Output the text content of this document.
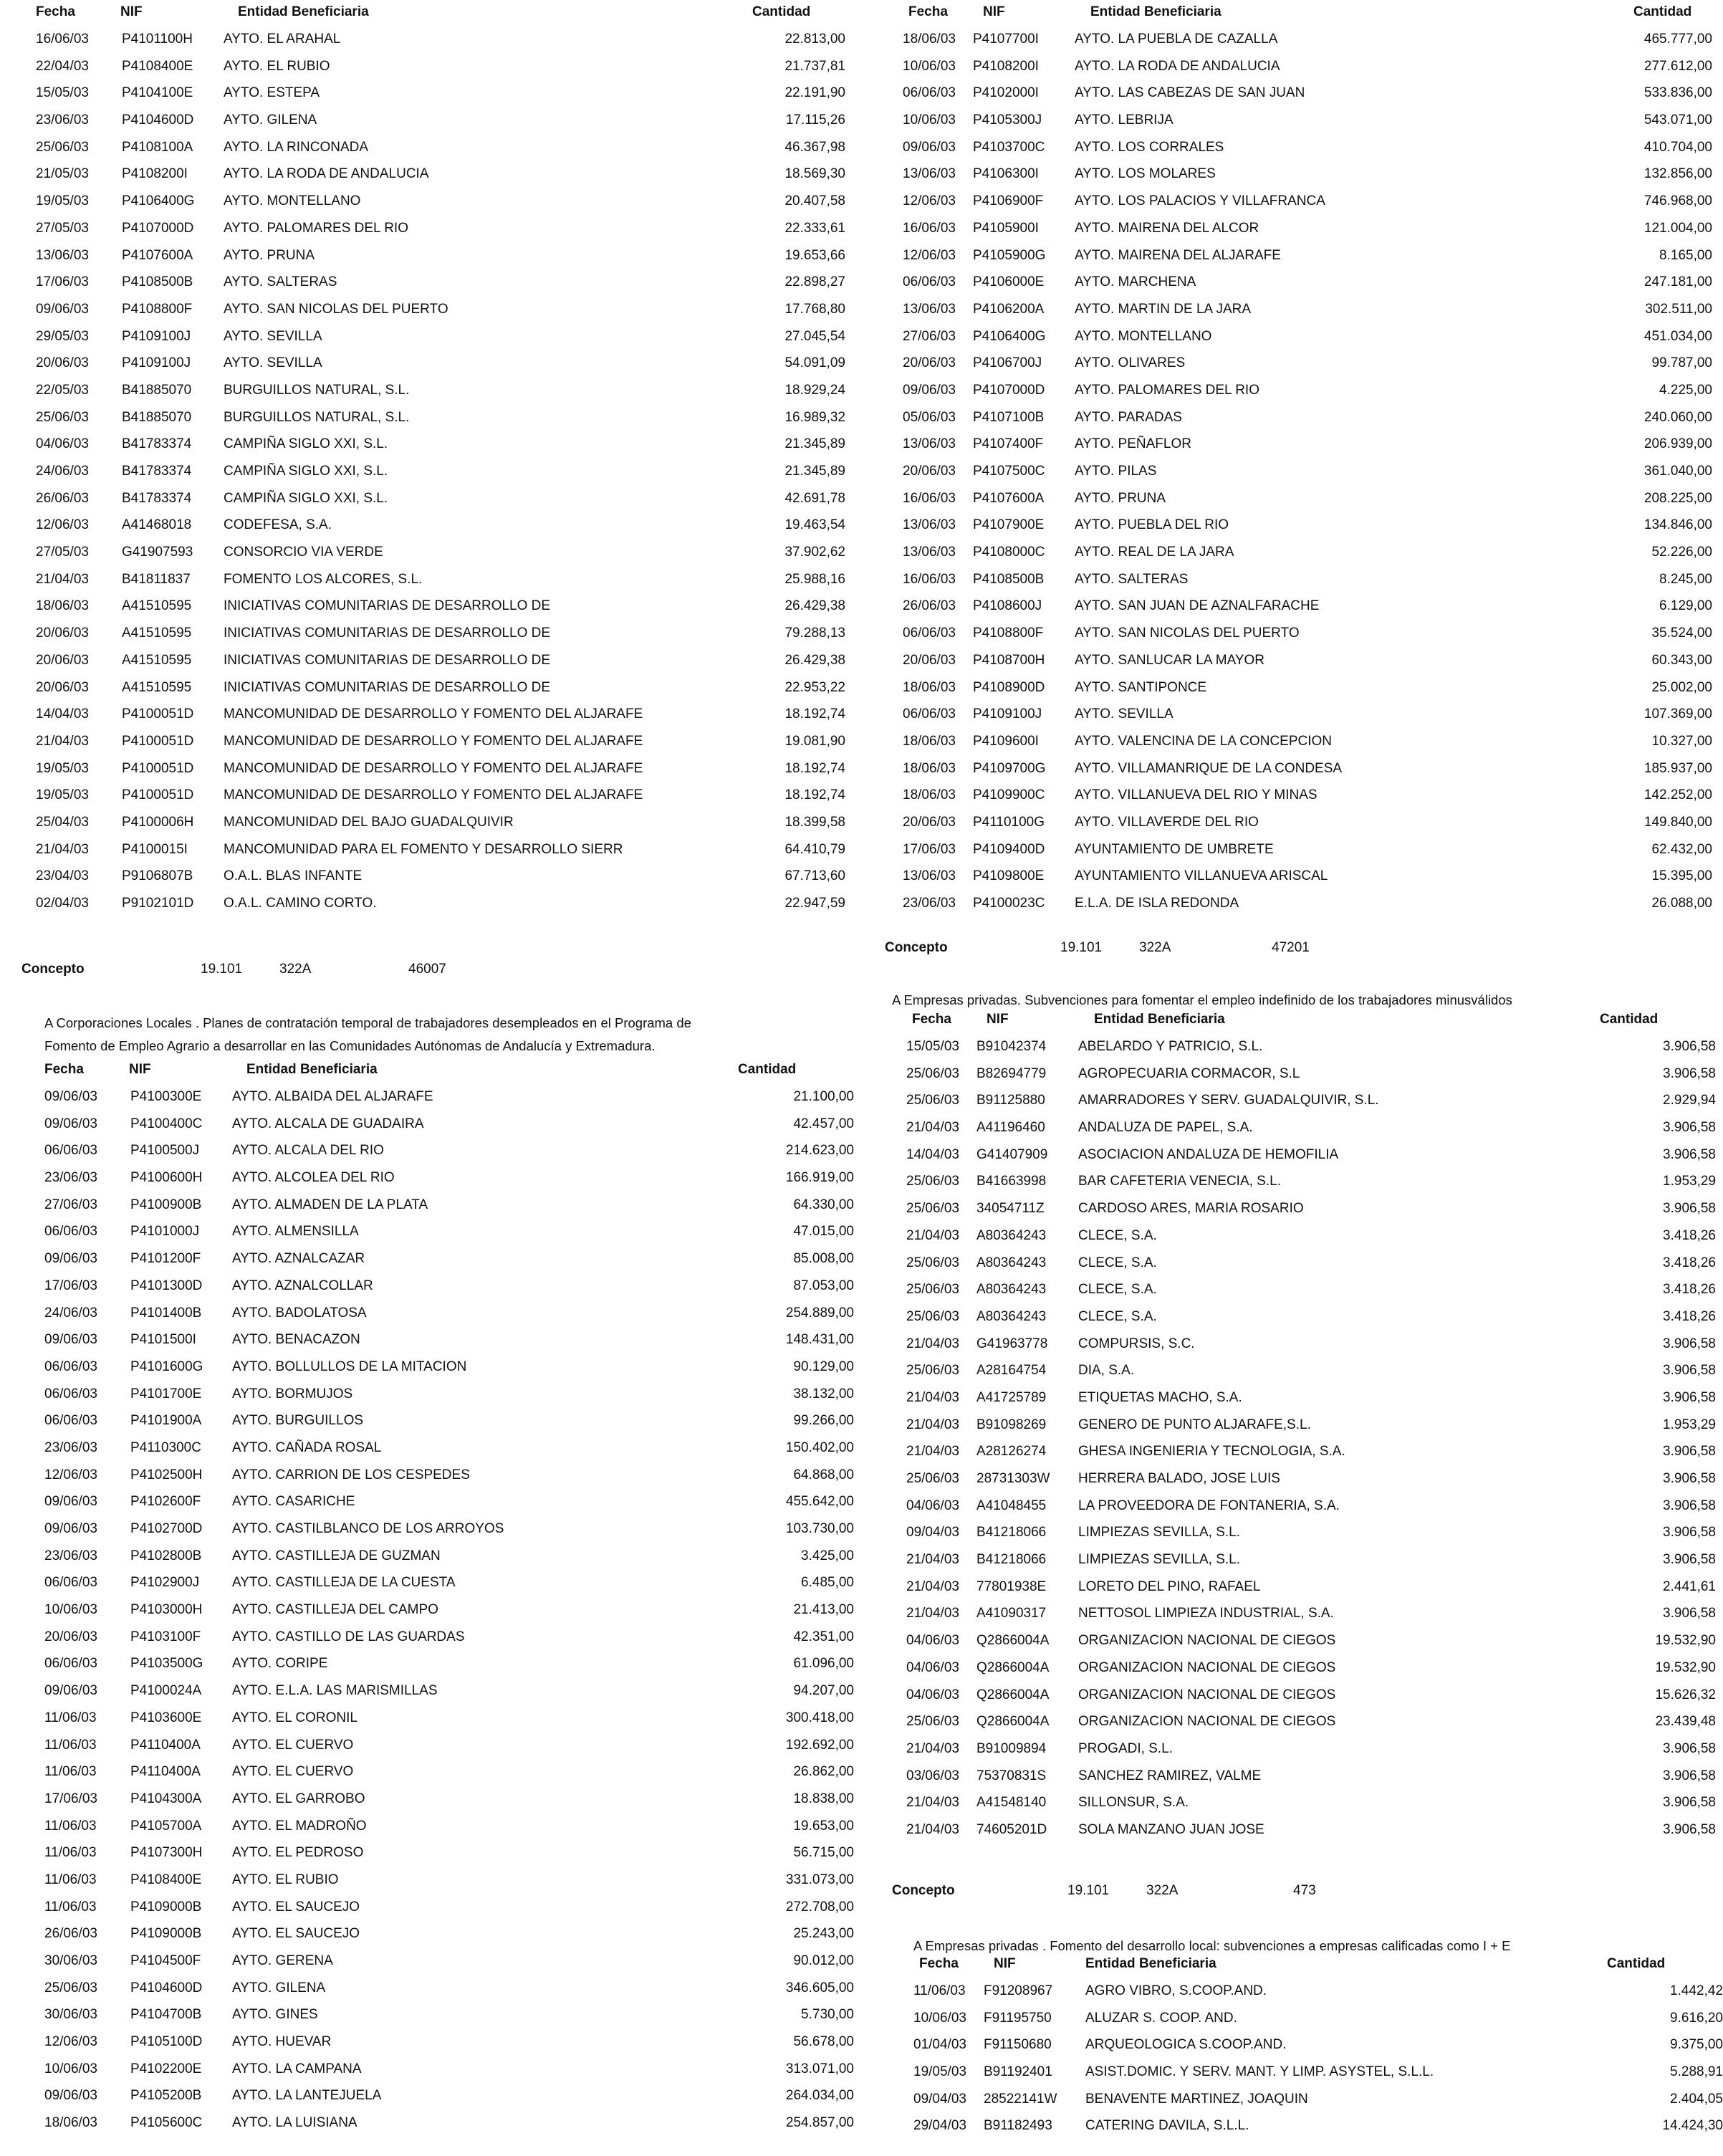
Fecha	NIF	Entidad Beneficiaria	Cantidad
16/06/03 P4101100H AYTO. EL ARAHAL	22.813,00
22/04/03 P4108400E AYTO. EL RUBIO	21.737,81
15/05/03 P4104100E AYTO. ESTEPA	22.191,90
23/06/03 P4104600D AYTO. GILENA	17.115,26
25/06/03 P4108100A AYTO. LA RINCONADA	46.367,98
21/05/03 P4108200I	AYTO. LA RODA DE ANDALUCIA	18.569,30
19/05/03 P4106400G AYTO. MONTELLANO	20.407,58
27/05/03 P4107000D AYTO. PALOMARES DEL RIO	22.333,61
13/06/03 P4107600A AYTO. PRUNA	19.653,66
17/06/03 P4108500B AYTO. SALTERAS	22.898,27
09/06/03 P4108800F AYTO. SAN NICOLAS DEL PUERTO	17.768,80
29/05/03 P4109100J AYTO. SEVILLA	27.045,54
20/06/03 P4109100J AYTO. SEVILLA	54.091,09
22/05/03 B41885070 BURGUILLOS NATURAL, S.L.	18.929,24
25/06/03 B41885070 BURGUILLOS NATURAL, S.L.	16.989,32
04/06/03 B41783374 CAMPIÑA SIGLO XXI, S.L.	21.345,89
24/06/03 B41783374 CAMPIÑA SIGLO XXI, S.L.	21.345,89
26/06/03 B41783374 CAMPIÑA SIGLO XXI, S.L.	42.691,78
12/06/03 A41468018 CODEFESA, S.A.	19.463,54
27/05/03 G41907593 CONSORCIO VIA VERDE	37.902,62
21/04/03 B41811837 FOMENTO LOS ALCORES, S.L.	25.988,16
18/06/03 A41510595 INICIATIVAS COMUNITARIAS DE DESARROLLO DE	26.429,38
20/06/03 A41510595 INICIATIVAS COMUNITARIAS DE DESARROLLO DE	79.288,13
20/06/03 A41510595 INICIATIVAS COMUNITARIAS DE DESARROLLO DE	26.429,38
20/06/03 A41510595 INICIATIVAS COMUNITARIAS DE DESARROLLO DE	22.953,22
14/04/03 P4100051D MANCOMUNIDAD DE DESARROLLO Y FOMENTO DEL ALJARAFE	18.192,74
21/04/03 P4100051D MANCOMUNIDAD DE DESARROLLO Y FOMENTO DEL ALJARAFE	19.081,90
19/05/03 P4100051D MANCOMUNIDAD DE DESARROLLO Y FOMENTO DEL ALJARAFE	18.192,74
19/05/03 P4100051D MANCOMUNIDAD DE DESARROLLO Y FOMENTO DEL ALJARAFE	18.192,74
25/04/03 P4100006H MANCOMUNIDAD DEL BAJO GUADALQUIVIR	18.399,58
21/04/03 P4100015I	MANCOMUNIDAD PARA EL FOMENTO Y DESARROLLO SIERR	64.410,79
23/04/03 P9106807B O.A.L. BLAS INFANTE	67.713,60
02/04/03 P9102101D O.A.L. CAMINO CORTO.	22.947,59
Fecha	NIF	Entidad Beneficiaria	Cantidad
18/06/03 P4107700I	AYTO. LA PUEBLA DE CAZALLA	465.777,00
10/06/03 P4108200I	AYTO. LA RODA DE ANDALUCIA	277.612,00
06/06/03 P4102000I	AYTO. LAS CABEZAS DE SAN JUAN	533.836,00
10/06/03 P4105300J AYTO. LEBRIJA	543.071,00
09/06/03 P4103700C AYTO. LOS CORRALES	410.704,00
13/06/03 P4106300I	AYTO. LOS MOLARES	132.856,00
12/06/03 P4106900F AYTO. LOS PALACIOS Y VILLAFRANCA	746.968,00
16/06/03 P4105900I	AYTO. MAIRENA DEL ALCOR	121.004,00
12/06/03 P4105900G AYTO. MAIRENA DEL ALJARAFE	8.165,00
06/06/03 P4106000E AYTO. MARCHENA	247.181,00
13/06/03 P4106200A AYTO. MARTIN DE LA JARA	302.511,00
27/06/03 P4106400G AYTO. MONTELLANO	451.034,00
20/06/03 P4106700J AYTO. OLIVARES	99.787,00
09/06/03 P4107000D AYTO. PALOMARES DEL RIO	4.225,00
05/06/03 P4107100B AYTO. PARADAS	240.060,00
13/06/03 P4107400F AYTO. PEÑAFLOR	206.939,00
20/06/03 P4107500C AYTO. PILAS	361.040,00
16/06/03 P4107600A AYTO. PRUNA	208.225,00
13/06/03 P4107900E AYTO. PUEBLA DEL RIO	134.846,00
13/06/03 P4108000C AYTO. REAL DE LA JARA	52.226,00
16/06/03 P4108500B AYTO. SALTERAS	8.245,00
26/06/03 P4108600J AYTO. SAN JUAN DE AZNALFARACHE	6.129,00
06/06/03 P4108800F AYTO. SAN NICOLAS DEL PUERTO	35.524,00
20/06/03 P4108700H AYTO. SANLUCAR LA MAYOR	60.343,00
18/06/03 P4108900D AYTO. SANTIPONCE	25.002,00
06/06/03 P4109100J AYTO. SEVILLA	107.369,00
18/06/03 P4109600I	AYTO. VALENCINA DE LA CONCEPCION	10.327,00
18/06/03 P4109700G AYTO. VILLAMANRIQUE DE LA CONDESA	185.937,00
18/06/03 P4109900C AYTO. VILLANUEVA DEL RIO Y MINAS	142.252,00
20/06/03 P4110100G AYTO. VILLAVERDE DEL RIO	149.840,00
17/06/03 P4109400D AYUNTAMIENTO DE UMBRETE	62.432,00
13/06/03 P4109800E AYUNTAMIENTO VILLANUEVA ARISCAL	15.395,00
23/06/03 P4100023C E.L.A. DE ISLA REDONDA	26.088,00
Concepto	19.101	322A	46007
Concepto	19.101	322A	47201
A Corporaciones Locales . Planes de contratación temporal de trabajadores desempleados en el Programa de
Fomento de Empleo Agrario a desarrollar en las Comunidades Autónomas de Andalucía y Extremadura.
Fecha	NIF	Entidad Beneficiaria	Cantidad
09/06/03 P4100300E AYTO. ALBAIDA DEL ALJARAFE	21.100,00
09/06/03 P4100400C AYTO. ALCALA DE GUADAIRA	42.457,00
06/06/03 P4100500J AYTO. ALCALA DEL RIO	214.623,00
23/06/03 P4100600H AYTO. ALCOLEA DEL RIO	166.919,00
27/06/03 P4100900B AYTO. ALMADEN DE LA PLATA	64.330,00
06/06/03 P4101000J AYTO. ALMENSILLA	47.015,00
09/06/03 P4101200F AYTO. AZNALCAZAR	85.008,00
17/06/03 P4101300D AYTO. AZNALCOLLAR	87.053,00
24/06/03 P4101400B AYTO. BADOLATOSA	254.889,00
09/06/03 P4101500I	AYTO. BENACAZON	148.431,00
06/06/03 P4101600G AYTO. BOLLULLOS DE LA MITACION	90.129,00
06/06/03 P4101700E AYTO. BORMUJOS	38.132,00
06/06/03 P4101900A AYTO. BURGUILLOS	99.266,00
23/06/03 P4110300C AYTO. CAÑADA ROSAL	150.402,00
12/06/03 P4102500H AYTO. CARRION DE LOS CESPEDES	64.868,00
09/06/03 P4102600F AYTO. CASARICHE	455.642,00
09/06/03 P4102700D AYTO. CASTILBLANCO DE LOS ARROYOS	103.730,00
23/06/03 P4102800B AYTO. CASTILLEJA DE GUZMAN	3.425,00
06/06/03 P4102900J AYTO. CASTILLEJA DE LA CUESTA	6.485,00
10/06/03 P4103000H AYTO. CASTILLEJA DEL CAMPO	21.413,00
20/06/03 P4103100F AYTO. CASTILLO DE LAS GUARDAS	42.351,00
06/06/03 P4103500G AYTO. CORIPE	61.096,00
09/06/03 P4100024A AYTO. E.L.A. LAS MARISMILLAS	94.207,00
11/06/03 P4103600E AYTO. EL CORONIL	300.418,00
11/06/03 P4110400A AYTO. EL CUERVO	192.692,00
11/06/03 P4110400A AYTO. EL CUERVO	26.862,00
17/06/03 P4104300A AYTO. EL GARROBO	18.838,00
11/06/03 P4105700A AYTO. EL MADROÑO	19.653,00
11/06/03 P4107300H AYTO. EL PEDROSO	56.715,00
11/06/03 P4108400E AYTO. EL RUBIO	331.073,00
11/06/03 P4109000B AYTO. EL SAUCEJO	272.708,00
26/06/03 P4109000B AYTO. EL SAUCEJO	25.243,00
30/06/03 P4104500F AYTO. GERENA	90.012,00
25/06/03 P4104600D AYTO. GILENA	346.605,00
30/06/03 P4104700B AYTO. GINES	5.730,00
12/06/03 P4105100D AYTO. HUEVAR	56.678,00
10/06/03 P4102200E AYTO. LA CAMPANA	313.071,00
09/06/03 P4105200B AYTO. LA LANTEJUELA	264.034,00
18/06/03 P4105600C AYTO. LA LUISIANA	254.857,00
A Empresas privadas. Subvenciones para fomentar el empleo indefinido de los trabajadores minusválidos
Fecha	NIF	Entidad Beneficiaria	Cantidad
15/05/03 B91042374 ABELARDO Y PATRICIO, S.L.	3.906,58
25/06/03 B82694779 AGROPECUARIA CORMACOR, S.L	3.906,58
25/06/03 B91125880 AMARRADORES Y SERV. GUADALQUIVIR, S.L.	2.929,94
21/04/03 A41196460 ANDALUZA DE PAPEL, S.A.	3.906,58
14/04/03 G41407909 ASOCIACION ANDALUZA DE HEMOFILIA	3.906,58
25/06/03 B41663998 BAR CAFETERIA VENECIA, S.L.	1.953,29
25/06/03 34054711Z CARDOSO ARES, MARIA ROSARIO	3.906,58
21/04/03 A80364243 CLECE, S.A.	3.418,26
25/06/03 A80364243 CLECE, S.A.	3.418,26
25/06/03 A80364243 CLECE, S.A.	3.418,26
25/06/03 A80364243 CLECE, S.A.	3.418,26
21/04/03 G41963778 COMPURSIS, S.C.	3.906,58
25/06/03 A28164754 DIA, S.A.	3.906,58
21/04/03 A41725789 ETIQUETAS MACHO, S.A.	3.906,58
21/04/03 B91098269 GENERO DE PUNTO ALJARAFE,S.L.	1.953,29
21/04/03 A28126274 GHESA INGENIERIA Y TECNOLOGIA, S.A.	3.906,58
25/06/03 28731303W HERRERA BALADO, JOSE LUIS	3.906,58
04/06/03 A41048455 LA PROVEEDORA DE FONTANERIA, S.A.	3.906,58
09/04/03 B41218066 LIMPIEZAS SEVILLA, S.L.	3.906,58
21/04/03 B41218066 LIMPIEZAS SEVILLA, S.L.	3.906,58
21/04/03 77801938E LORETO DEL PINO, RAFAEL	2.441,61
21/04/03 A41090317 NETTOSOL LIMPIEZA INDUSTRIAL, S.A.	3.906,58
04/06/03 Q2866004A ORGANIZACION NACIONAL DE CIEGOS	19.532,90
04/06/03 Q2866004A ORGANIZACION NACIONAL DE CIEGOS	19.532,90
04/06/03 Q2866004A ORGANIZACION NACIONAL DE CIEGOS	15.626,32
25/06/03 Q2866004A ORGANIZACION NACIONAL DE CIEGOS	23.439,48
21/04/03 B91009894 PROGADI, S.L.	3.906,58
03/06/03 75370831S SANCHEZ RAMIREZ, VALME	3.906,58
21/04/03 A41548140 SILLONSUR, S.A.	3.906,58
21/04/03 74605201D SOLA MANZANO JUAN JOSE	3.906,58
Concepto	19.101	322A	473
A Empresas privadas . Fomento del desarrollo local: subvenciones a empresas calificadas como I + E
Fecha	NIF	Entidad Beneficiaria	Cantidad
11/06/03 F91208967 AGRO VIBRO, S.COOP.AND.	1.442,42
10/06/03 F91195750 ALUZAR S. COOP. AND.	9.616,20
01/04/03 F91150680 ARQUEOLOGICA S.COOP.AND.	9.375,00
19/05/03 B91192401 ASIST.DOMIC. Y SERV. MANT. Y LIMP. ASYSTEL, S.L.L.	5.288,91
09/04/03 28522141W BENAVENTE MARTINEZ, JOAQUIN	2.404,05
29/04/03 B91182493 CATERING DAVILA, S.L.L.	14.424,30
